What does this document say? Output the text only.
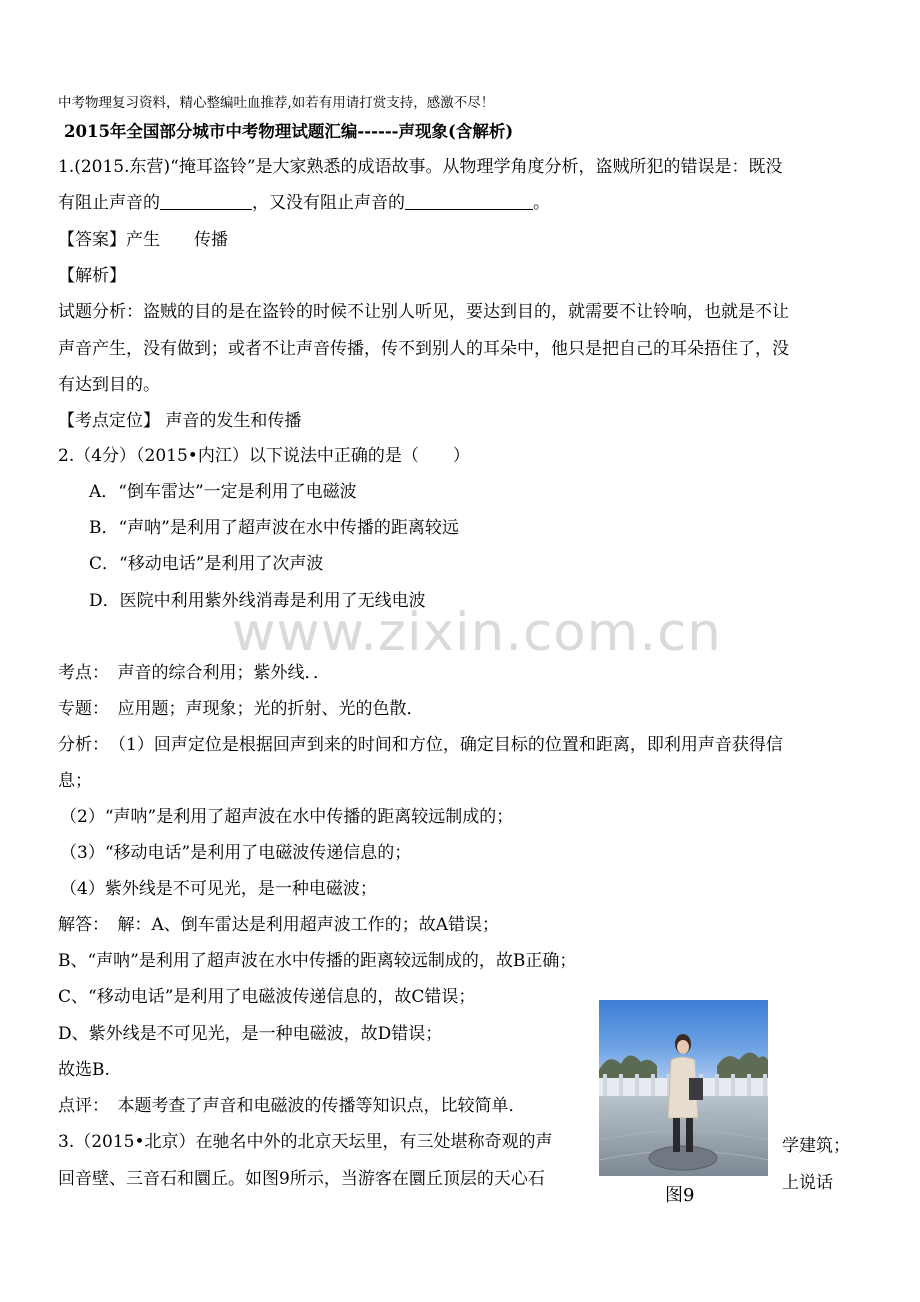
中考物理复习资料，精心整编吐血推荐,如若有用请打赏支持，感激不尽！
2015年全国部分城市中考物理试题汇编------声现象(含解析)
1.(2015.东营)“掩耳盗铃”是大家熟悉的成语故事。从物理学角度分析，盗贼所犯的错误是：既没
有阻止声音的	，又没有阻止声音的	。
【答案】产生　　传播
【解析】
试题分析：盗贼的目的是在盗铃的时候不让别人听见，要达到目的，就需要不让铃响，也就是不让
声音产生，没有做到；或者不让声音传播，传不到别人的耳朵中，他只是把自己的耳朵捂住了，没
有达到目的。
【考点定位】 声音的发生和传播
2.（4分）（2015•内江）以下说法中正确的是（　　）
A．“倒车雷达”一定是利用了电磁波
B．“声呐”是利用了超声波在水中传播的距离较远
C．“移动电话”是利用了次声波
D．医院中利用紫外线消毒是利用了无线电波
www.zixin.com.cn
考点：　声音的综合利用；紫外线．．
专题：　应用题；声现象；光的折射、光的色散．
分析：　（1）回声定位是根据回声到来的时间和方位，确定目标的位置和距离，即利用声音获得信
息；
（2）“声呐”是利用了超声波在水中传播的距离较远制成的；
（3）“移动电话”是利用了电磁波传递信息的；
（4）紫外线是不可见光，是一种电磁波；
解答：　解：A、倒车雷达是利用超声波工作的；故A错误；
B、“声呐”是利用了超声波在水中传播的距离较远制成的，故B正确；
C、“移动电话”是利用了电磁波传递信息的，故C错误；
D、紫外线是不可见光，是一种电磁波，故D错误；
故选B.
点评：　本题考查了声音和电磁波的传播等知识点，比较简单．
3.（2015•北京）在驰名中外的北京天坛里，有三处堪称奇观的声	学建筑；
回音壁、三音石和圜丘。如图9所示，当游客在圜丘顶层的天心石	上说话
图9
